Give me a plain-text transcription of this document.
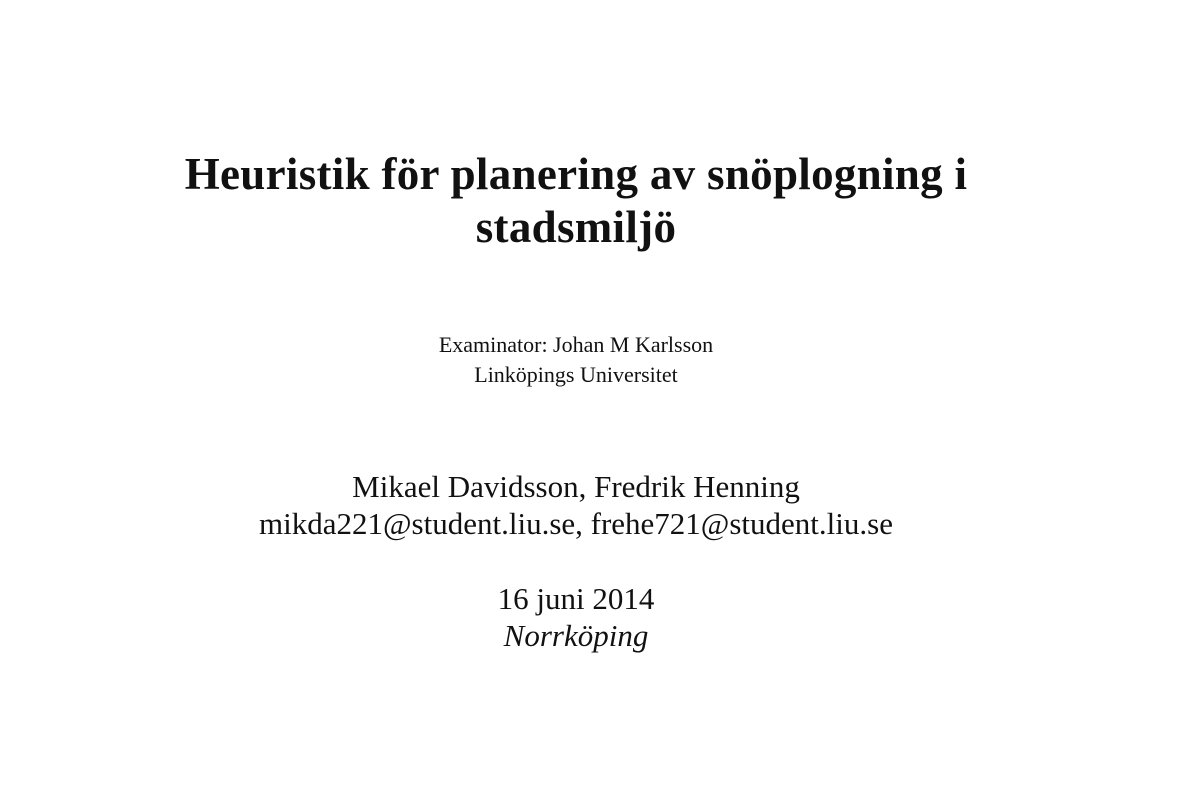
Heuristik för planering av snöplogning i
stadsmiljö
Examinator: Johan M Karlsson
Linköpings Universitet
Mikael Davidsson, Fredrik Henning
mikda221@student.liu.se, frehe721@student.liu.se
16 juni 2014
Norrköping
